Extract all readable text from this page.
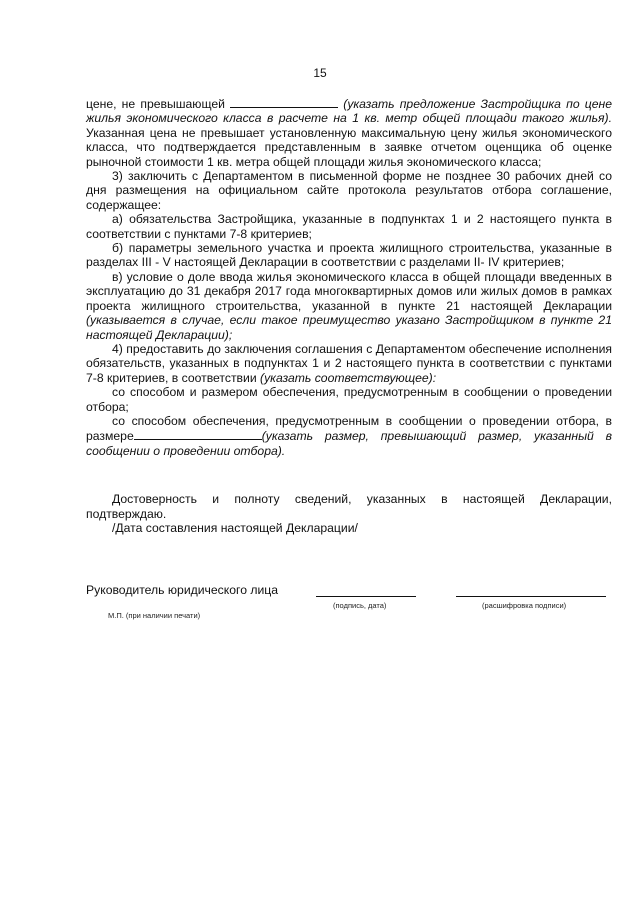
15

цене, не превышающей	(указать предложение Застройщика по цене жилья экономического класса в расчете на 1 кв. метр общей площади такого жилья). Указанная цена не превышает установленную максимальную цену жилья экономического класса, что подтверждается представленным в заявке отчетом оценщика об оценке рыночной стоимости 1 кв. метра общей площади жилья экономического класса;

3) заключить с Департаментом в письменной форме не позднее 30 рабочих дней со дня размещения на официальном сайте протокола результатов отбора соглашение, содержащее:

а) обязательства Застройщика, указанные в подпунктах 1 и 2 настоящего пункта в соответствии с пунктами 7-8 критериев;

б) параметры земельного участка и проекта жилищного строительства, указанные в разделах III - V настоящей Декларации в соответствии с разделами II- IV критериев;

в) условие о доле ввода жилья экономического класса в общей площади введенных в эксплуатацию до 31 декабря 2017 года многоквартирных домов или жилых домов в рамках проекта жилищного строительства, указанной в пункте 21 настоящей Декларации (указывается в случае, если такое преимущество указано Застройщиком в пункте 21 настоящей Декларации);

4) предоставить до заключения соглашения с Департаментом обеспечение исполнения обязательств, указанных в подпунктах 1 и 2 настоящего пункта в соответствии с пунктами 7-8 критериев, в соответствии (указать соответствующее):

со способом и размером обеспечения, предусмотренным в сообщении о проведении отбора;

со способом обеспечения, предусмотренным в сообщении о проведении отбора, в размере	(указать размер, превышающий размер, указанный в сообщении о проведении отбора).

Достоверность и полноту сведений, указанных в настоящей Декларации, подтверждаю.

/Дата составления настоящей Декларации/

Руководитель юридического лица
(подпись, дата)	(расшифровка подписи)
М.П. (при наличии печати)
